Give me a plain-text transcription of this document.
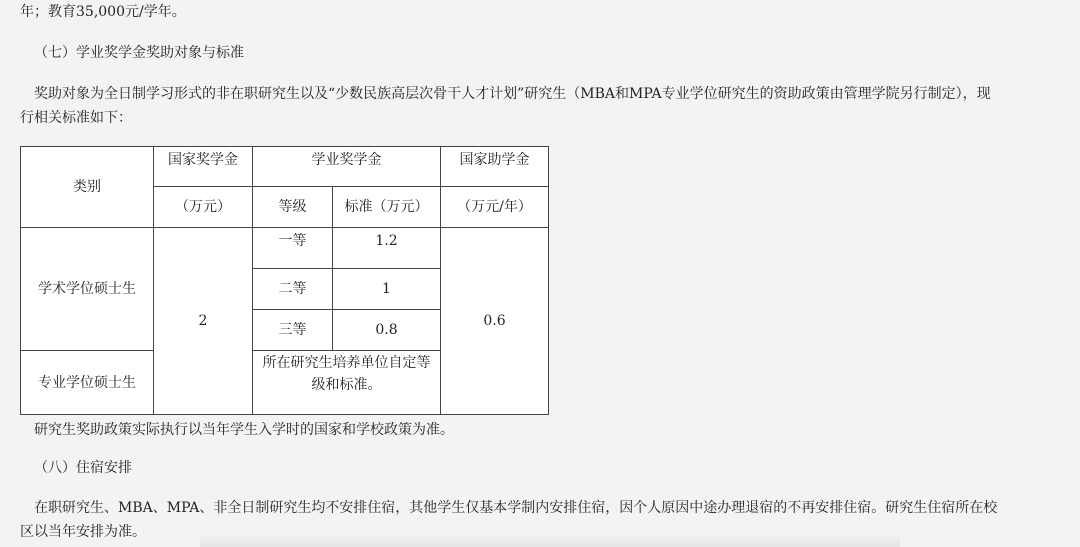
年；教育35,000元/学年。
（七）学业奖学金奖助对象与标准
奖助对象为全日制学习形式的非在职研究生以及“少数民族高层次骨干人才计划”研究生（MBA和MPA专业学位研究生的资助政策由管理学院另行制定），现
行相关标准如下：
类别	国家奖学金	学业奖学金		国家助学金
	（万元）	等级	标准（万元）	（万元/年）
学术学位硕士生	2	一等	1.2	0.6
		二等	1	
		三等	0.8	
专业学位硕士生		所在研究生培养单位自定等
级和标准。		
研究生奖助政策实际执行以当年学生入学时的国家和学校政策为准。
（八）住宿安排
在职研究生、MBA、MPA、非全日制研究生均不安排住宿，其他学生仅基本学制内安排住宿，因个人原因中途办理退宿的不再安排住宿。研究生住宿所在校
区以当年安排为准。
